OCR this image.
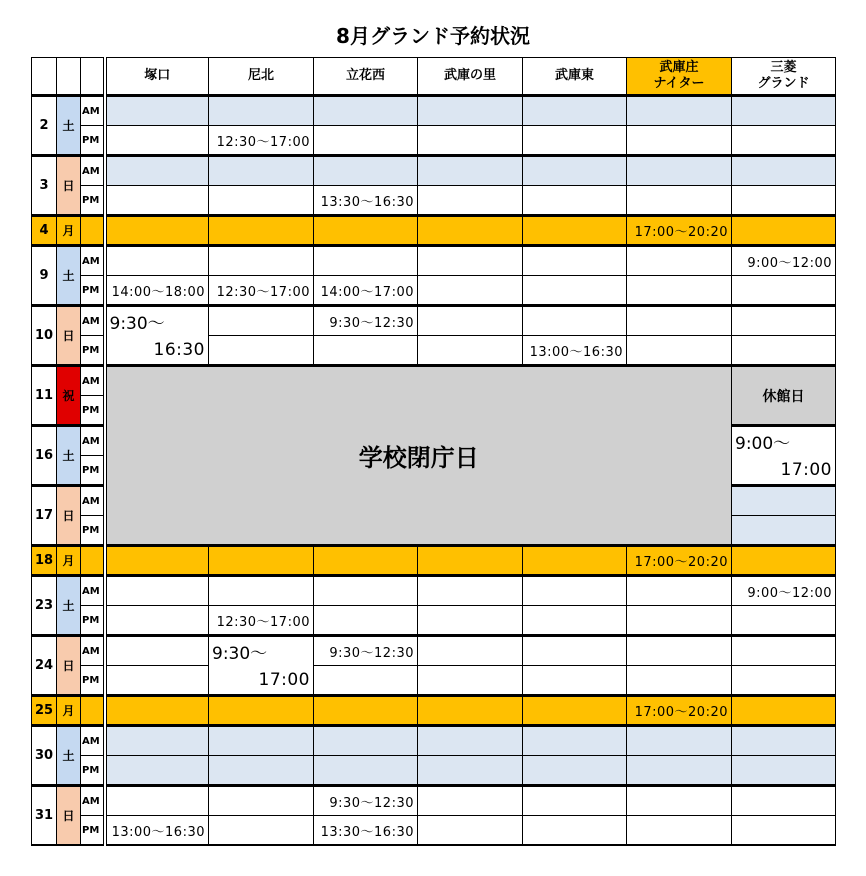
8月グランド予約状況
			塚口	尼北	立花西	武庫の里	武庫東	武庫庄
ナイター	三菱
グランド
2	土	AM							
		PM		12:30～17:00					
3	日	AM							
		PM			13:30～16:30				
4	月							17:00～20:20	
9	土	AM							9:00～12:00
		PM	14:00～18:00	12:30～17:00	14:00～17:00				
10	日	AM	9:30～		9:30～12:30				
		PM	16:30				13:00～16:30		
11	祝	AM	学校閉庁日						休館日
		PM							
16	土	AM							9:00～
		PM							17:00
17	日	AM							
		PM							
18	月							17:00～20:20	
23	土	AM							9:00～12:00
		PM		12:30～17:00					
24	日	AM		9:30～	9:30～12:30				
		PM		17:00					
25	月							17:00～20:20	
30	土	AM							
		PM							
31	日	AM			9:30～12:30				
		PM	13:00～16:30		13:30～16:30				
